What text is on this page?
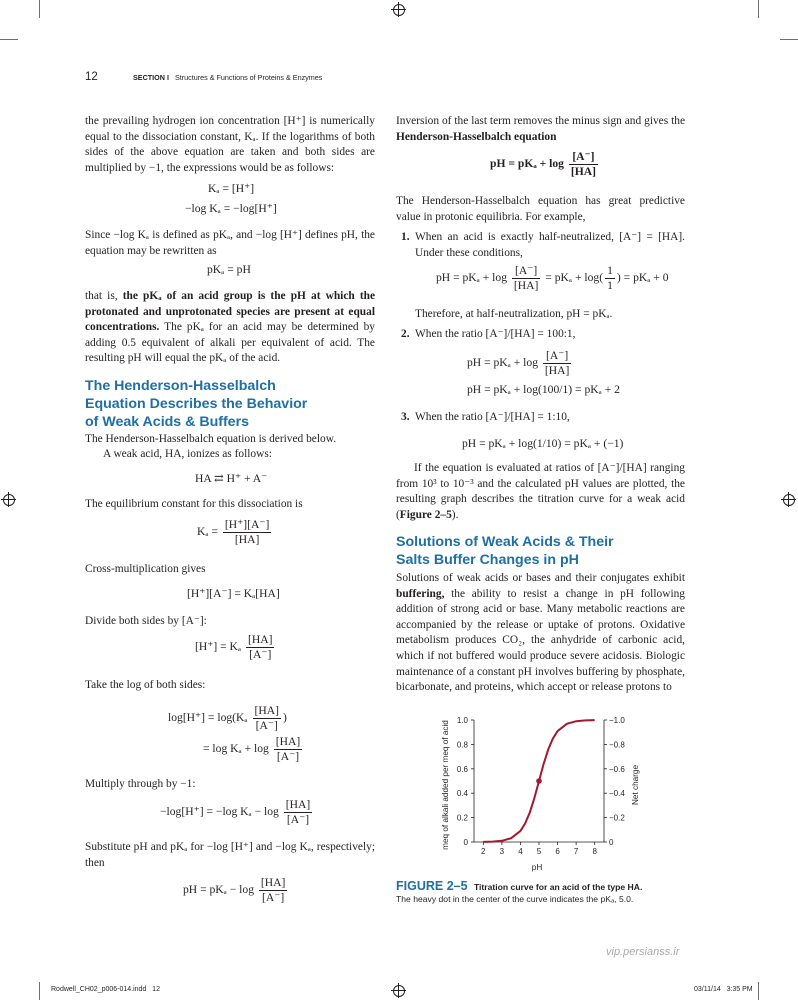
12	SECTION I Structures & Functions of Proteins & Enzymes
the prevailing hydrogen ion concentration [H⁺] is numerically equal to the dissociation constant, Kₐ. If the logarithms of both sides of the above equation are taken and both sides are multiplied by −1, the expressions would be as follows:
Kₐ = [H⁺]
−log Kₐ = −log[H⁺]
Since −log Kₐ is defined as pKₐ, and −log [H⁺] defines pH, the equation may be rewritten as
pKₐ = pH
that is, the pKₐ of an acid group is the pH at which the protonated and unprotonated species are present at equal concentrations. The pKₐ for an acid may be determined by adding 0.5 equivalent of alkali per equivalent of acid. The resulting pH will equal the pKₐ of the acid.
The Henderson-Hasselbalch
Equation Describes the Behavior
of Weak Acids & Buffers
The Henderson-Hasselbalch equation is derived below.
A weak acid, HA, ionizes as follows:
HA ⇄ H⁺ + A⁻
The equilibrium constant for this dissociation is
$K_a = \frac{[H^+][A^-]}{[HA]}$
Cross-multiplication gives
[H⁺][A⁻] = Kₐ[HA]
Divide both sides by [A⁻]:
[H⁺] = Kₐ $\frac{[HA]}{[A^-]}$
Take the log of both sides:
$\log[H^+] = \log(K_a \frac{[HA]}{[A^-]}$ )
= $\log K_a + \log \frac{[HA]}{[A^-]}$
Multiply through by −1:
−log[H⁺] = −log $K_a - \log \frac{[HA]}{[A^-]}$
Substitute pH and pKₐ for −log [H⁺] and −log Kₐ, respectively; then
pH = $pK_a - \log \frac{[HA]}{[A^-]}$
Inversion of the last term removes the minus sign and gives the Henderson-Hasselbalch equation
pH = $pK_a + \log \frac{[A^-]}{[HA]}$
The Henderson-Hasselbalch equation has great predictive value in protonic equilibria. For example,
1. When an acid is exactly half-neutralized, [A⁻] = [HA]. Under these conditions,
pH = $pK_a + \log \frac{[A^-]}{[HA]} = pK_a + \log( \frac{1}{1}$ ) = pKₐ + 0
Therefore, at half-neutralization, pH = pKₐ.
2. When the ratio [A⁻]/[HA] = 100:1,
pH = $pK_a + \log \frac{[A^-]}{[HA]}$
pH = pKₐ + log(100/1) = pKₐ + 2
3. When the ratio [A⁻]/[HA] = 1:10,
pH = pKₐ + log(1/10) = pKₐ + (−1)
If the equation is evaluated at ratios of [A⁻]/[HA] ranging from 10³ to 10⁻³ and the calculated pH values are plotted, the resulting graph describes the titration curve for a weak acid (Figure 2–5).
Solutions of Weak Acids & Their
Salts Buffer Changes in pH
Solutions of weak acids or bases and their conjugates exhibit buffering, the ability to resist a change in pH following addition of strong acid or base. Many metabolic reactions are accompanied by the release or uptake of protons. Oxidative metabolism produces CO₂, the anhydride of carbonic acid, which if not buffered would produce severe acidosis. Biologic maintenance of a constant pH involves buffering by phosphate, bicarbonate, and proteins, which accept or release protons to
meq of alkali added per meq of acid	Net charge
pH
2 3 4 5 6 7 8
0
0.2
0.4
0.6
0.8
1.0
0
−0.2
−0.4
−0.6
−0.8
−1.0
FIGURE 2–5 Titration curve for an acid of the type HA.
The heavy dot in the center of the curve indicates the pKₐ, 5.0.
vip.persianss.ir
Rodwell_CH02_p006-014.indd   12	03/11/14   3:35 PM
